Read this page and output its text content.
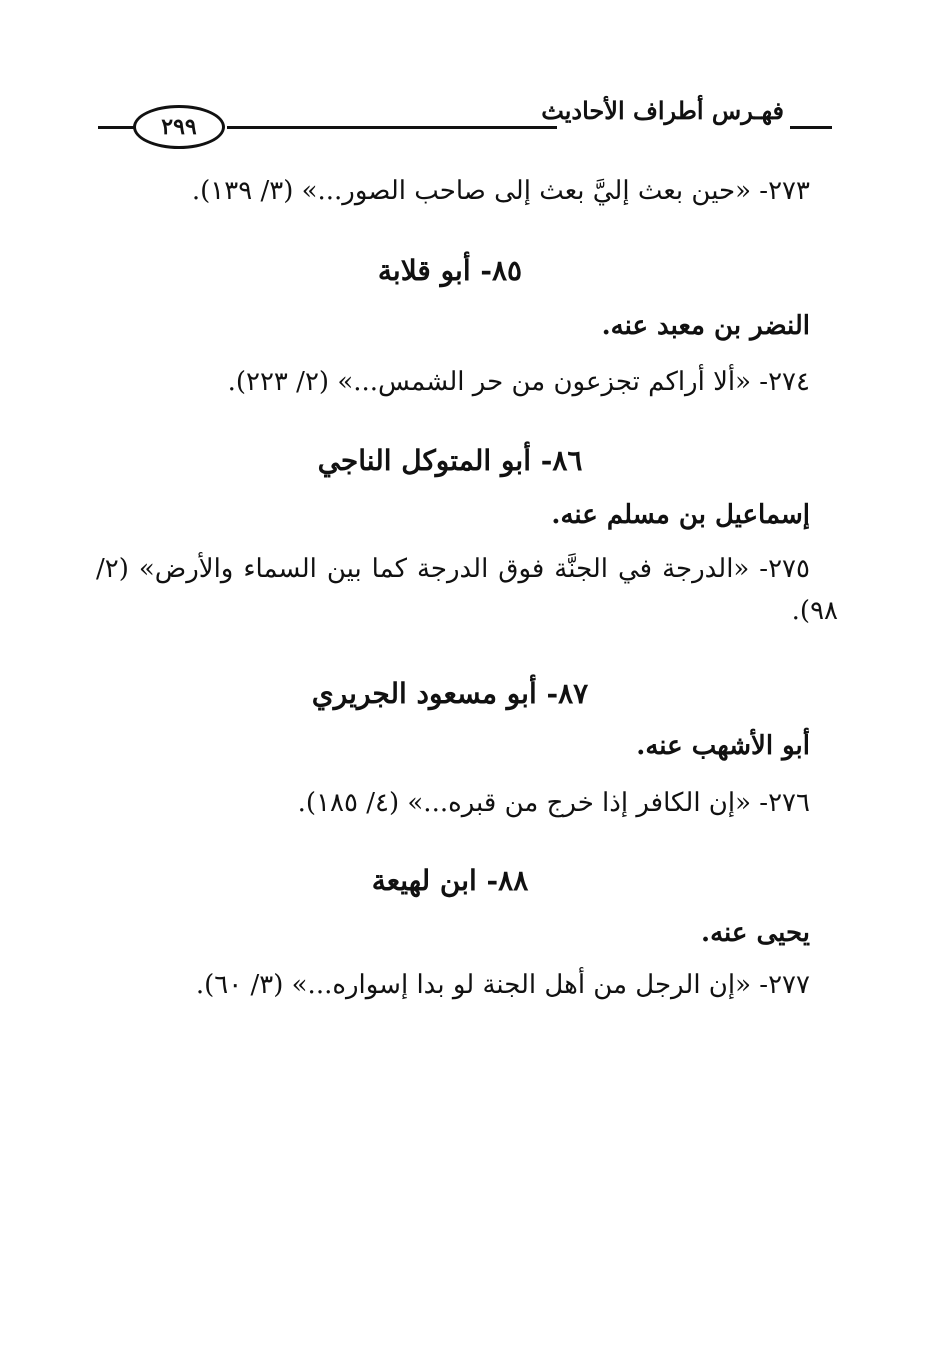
فهـرس أطراف الأحاديث
٢٩٩
٢٧٣- «حين بعث إليَّ بعث إلى صاحب الصور...» (٣/ ١٣٩).
٨٥- أبو قلابة
النضر بن معبد عنه.
٢٧٤- «ألا أراكم تجزعون من حر الشمس...» (٢/ ٢٢٣).
٨٦- أبو المتوكل الناجي
إسماعيل بن مسلم عنه.
٢٧٥- «الدرجة في الجنَّة فوق الدرجة كما بين السماء والأرض» (٢/
٩٨).
٨٧- أبو مسعود الجريري
أبو الأشهب عنه.
٢٧٦- «إن الكافر إذا خرج من قبره...» (٤/ ١٨٥).
٨٨- ابن لهيعة
يحيى عنه.
٢٧٧- «إن الرجل من أهل الجنة لو بدا إسواره...» (٣/ ٦٠).
